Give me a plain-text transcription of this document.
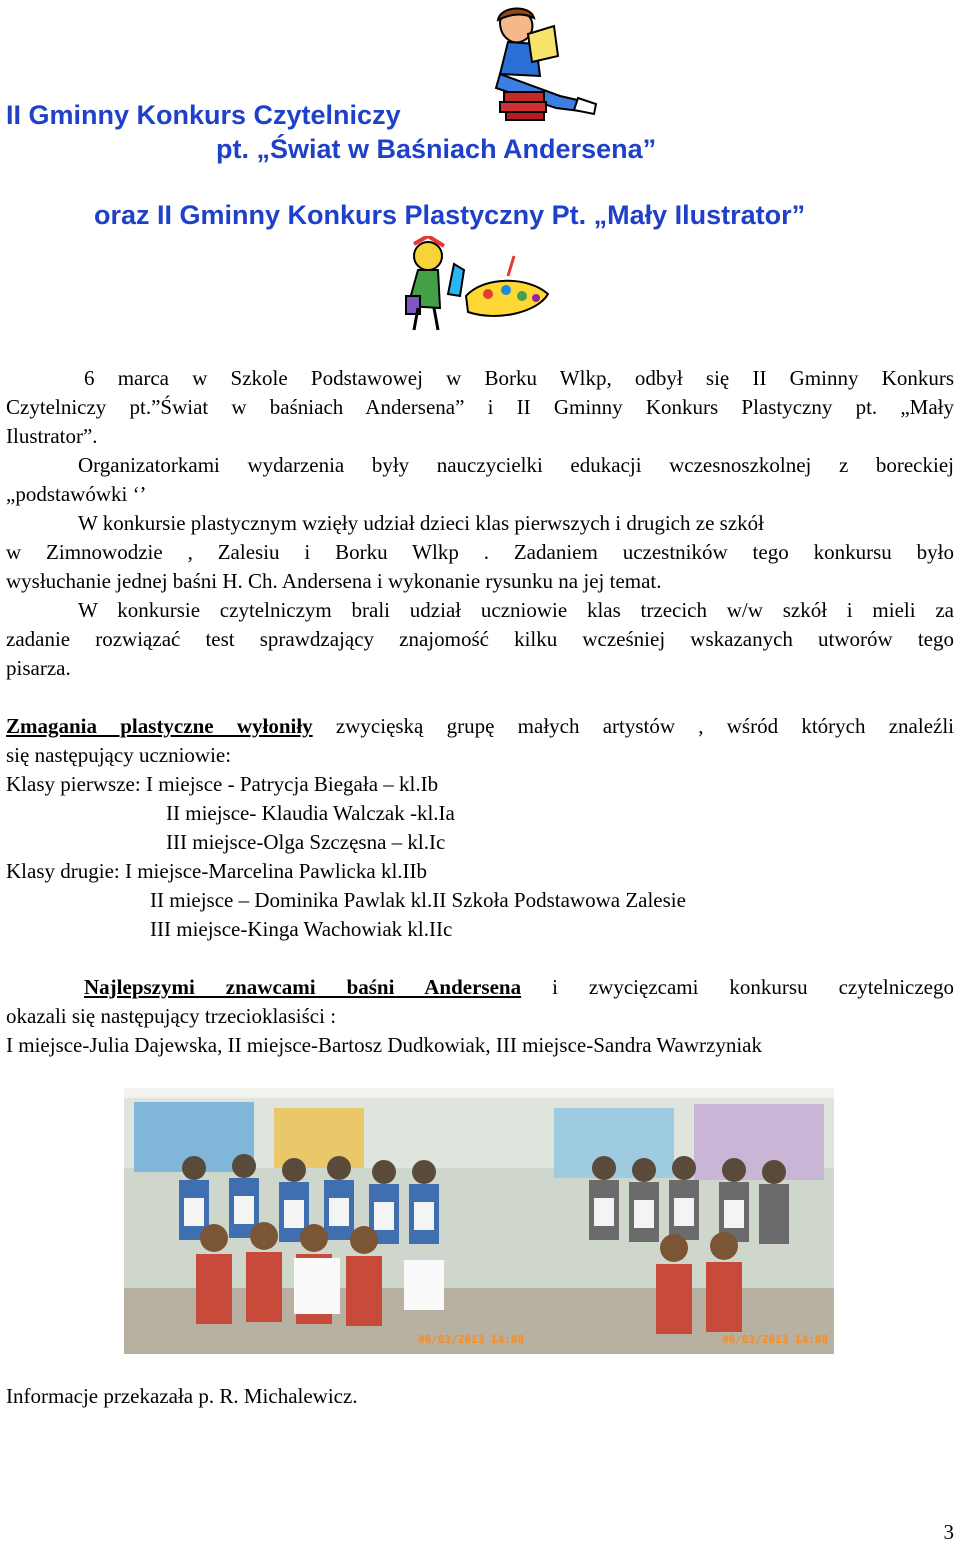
II Gminny Konkurs Czytelniczy
pt. „Świat w Baśniach Andersena”
oraz II Gminny Konkurs Plastyczny Pt. „Mały Ilustrator”
6 marca w Szkole Podstawowej w Borku Wlkp, odbył się II Gminny Konkurs
Czytelniczy pt.”Świat w baśniach Andersena” i II Gminny Konkurs Plastyczny pt. „Mały
Ilustrator”.
Organizatorkami wydarzenia były nauczycielki edukacji wczesnoszkolnej z boreckiej
„podstawówki ‘’
W konkursie plastycznym wzięły udział dzieci klas pierwszych i drugich ze szkół
w Zimnowodzie , Zalesiu i Borku Wlkp . Zadaniem uczestników tego konkursu było
wysłuchanie jednej baśni H. Ch. Andersena i wykonanie rysunku na jej temat.
W konkursie czytelniczym brali udział uczniowie klas trzecich w/w szkół i mieli za
zadanie rozwiązać test sprawdzający znajomość kilku wcześniej wskazanych utworów tego
pisarza.
Zmagania plastyczne wyłoniły zwycięską grupę małych artystów , wśród których znaleźli
się następujący uczniowie:
Klasy pierwsze: I miejsce - Patrycja Biegała – kl.Ib
II miejsce- Klaudia Walczak -kl.Ia
III miejsce-Olga Szczęsna – kl.Ic
Klasy drugie: I miejsce-Marcelina Pawlicka kl.IIb
II miejsce – Dominika Pawlak kl.II Szkoła Podstawowa Zalesie
III miejsce-Kinga Wachowiak kl.IIc
Najlepszymi znawcami baśni Andersena i zwycięzcami konkursu czytelniczego
okazali się następujący trzecioklasiści :
I miejsce-Julia Dajewska, II miejsce-Bartosz Dudkowiak, III miejsce-Sandra Wawrzyniak
06/03/2013 14:00	06/03/2013 14:00
Informacje przekazała p. R. Michalewicz.
3
